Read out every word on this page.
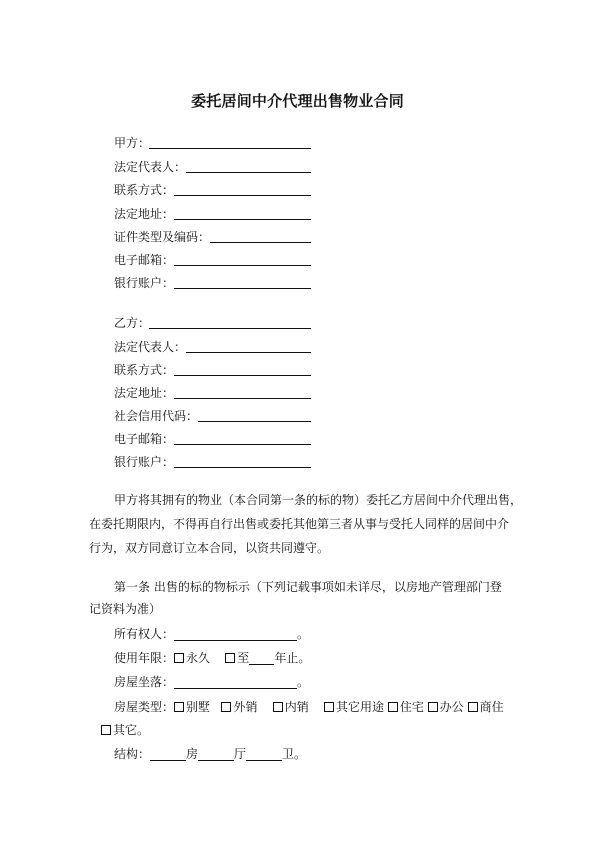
委托居间中介代理出售物业合同
甲方：
法定代表人：
联系方式：
法定地址：
证件类型及编码：
电子邮箱：
银行账户：
乙方：
法定代表人：
联系方式：
法定地址：
社会信用代码：
电子邮箱：
银行账户：
甲方将其拥有的物业（本合同第一条的标的物）委托乙方居间中介代理出售，
在委托期限内，不得再自行出售或委托其他第三者从事与受托人同样的居间中介
行为，双方同意订立本合同，以资共同遵守。
第一条 出售的标的物标示（下列记载事项如未详尽，以房地产管理部门登
记资料为准）
所有权人：	。
使用年限： 永久 至 年止。
房屋坐落：	。
房屋类型： 别墅 外销 内销 其它用途 住宅 办公 商住
其它。
结构：	房	厅	卫。
